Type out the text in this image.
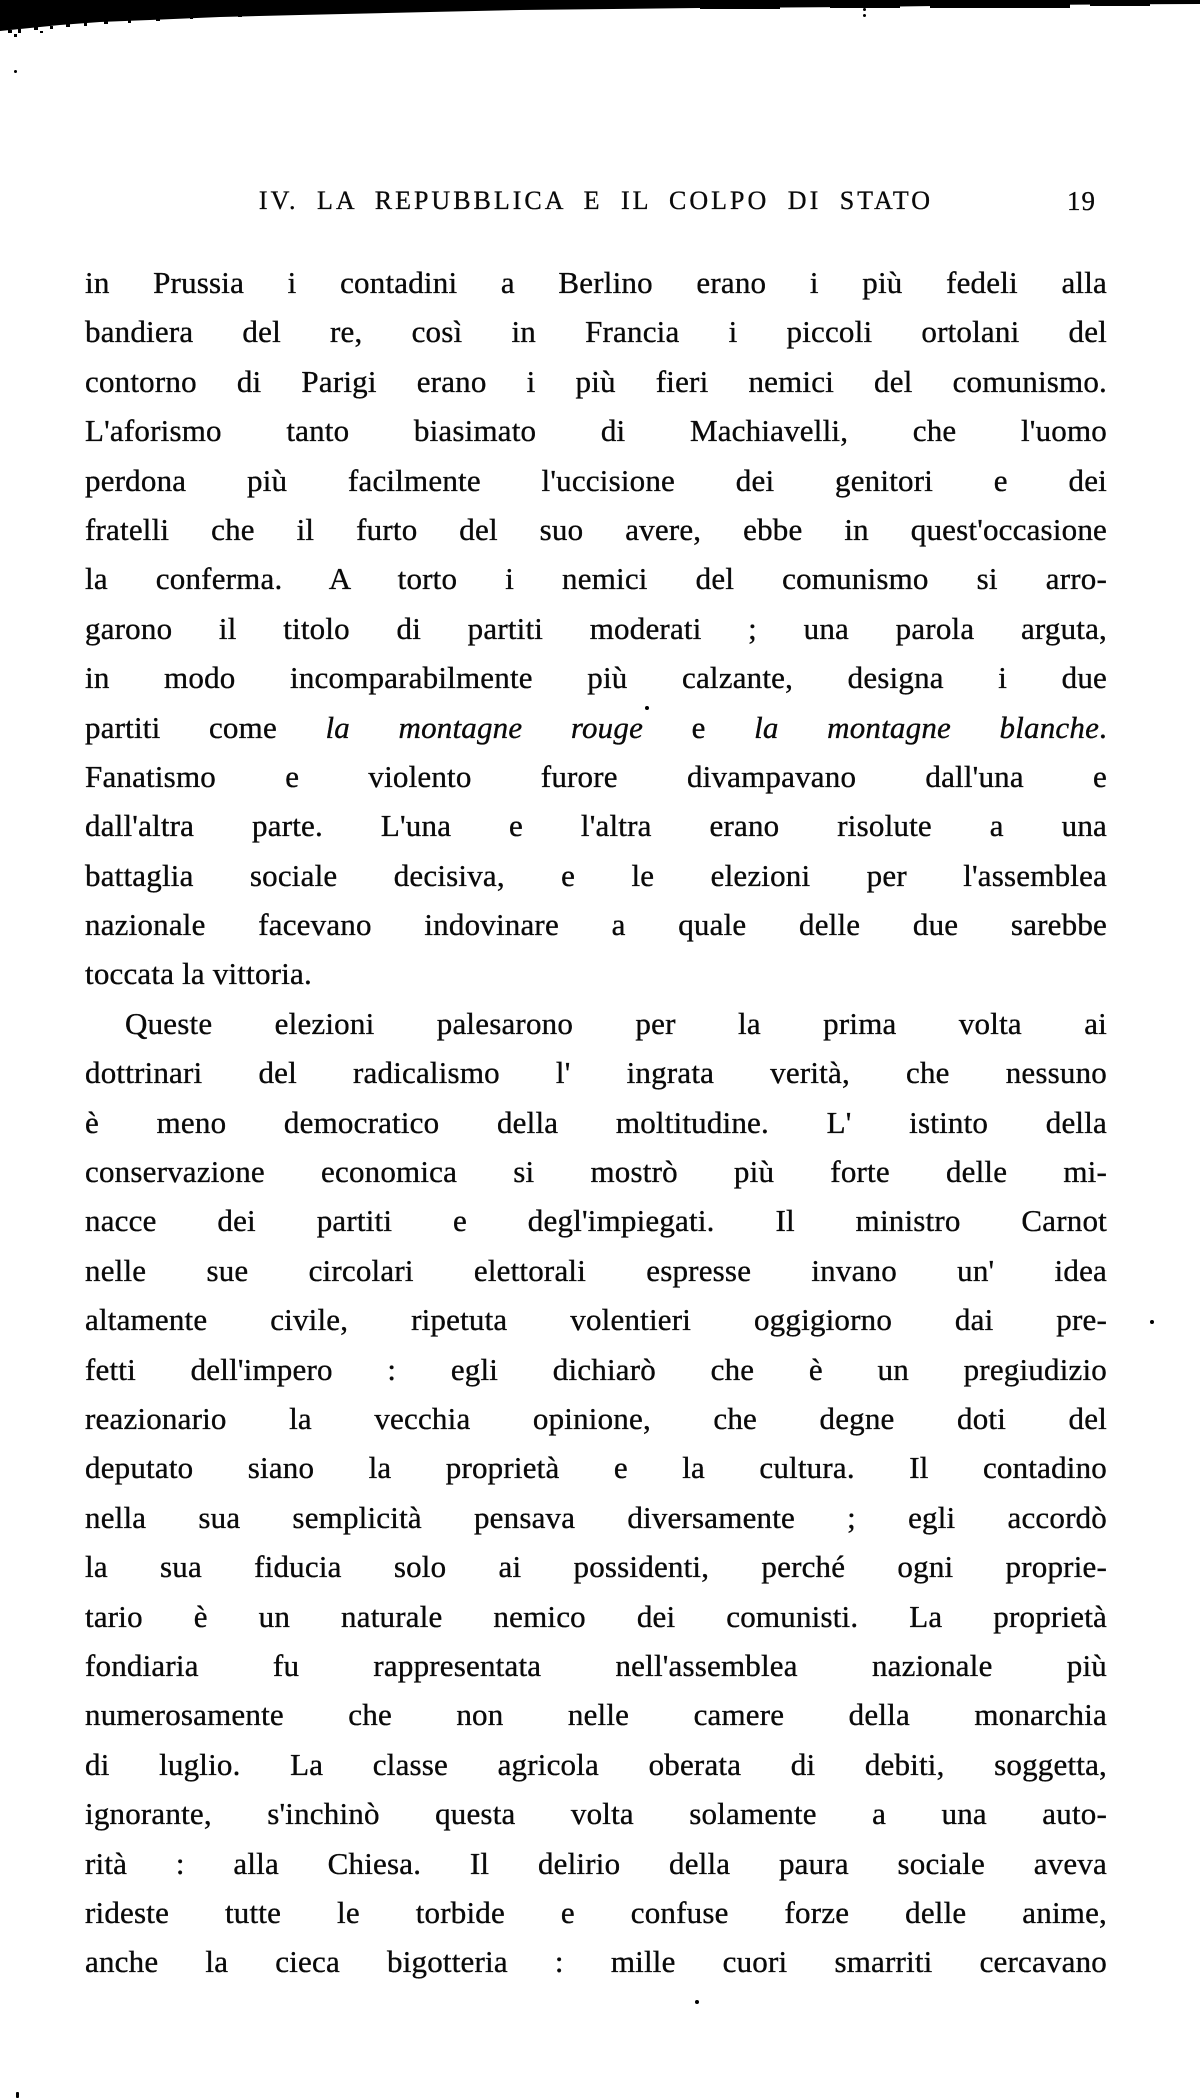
IV. LA REPUBBLICA E IL COLPO DI STATO	19
in Prussia i contadini a Berlino erano i più fedeli alla
bandiera del re, così in Francia i piccoli ortolani del
contorno di Parigi erano i più fieri nemici del comunismo.
L'aforismo tanto biasimato di Machiavelli, che l'uomo
perdona più facilmente l'uccisione dei genitori e dei
fratelli che il furto del suo avere, ebbe in quest'occasione
la conferma. A torto i nemici del comunismo si arro-
garono il titolo di partiti moderati ; una parola arguta,
in modo incomparabilmente più calzante, designa i due
partiti come la montagne rouge e la montagne blanche.
Fanatismo e violento furore divampavano dall'una e
dall'altra parte. L'una e l'altra erano risolute a una
battaglia sociale decisiva, e le elezioni per l'assemblea
nazionale facevano indovinare a quale delle due sarebbe
toccata la vittoria.
Queste elezioni palesarono per la prima volta ai
dottrinari del radicalismo l' ingrata verità, che nessuno
è meno democratico della moltitudine. L' istinto della
conservazione economica si mostrò più forte delle mi-
nacce dei partiti e degl'impiegati. Il ministro Carnot
nelle sue circolari elettorali espresse invano un' idea
altamente civile, ripetuta volentieri oggigiorno dai pre-
fetti dell'impero : egli dichiarò che è un pregiudizio
reazionario la vecchia opinione, che degne doti del
deputato siano la proprietà e la cultura. Il contadino
nella sua semplicità pensava diversamente ; egli accordò
la sua fiducia solo ai possidenti, perché ogni proprie-
tario è un naturale nemico dei comunisti. La proprietà
fondiaria fu rappresentata nell'assemblea nazionale più
numerosamente che non nelle camere della monarchia
di luglio. La classe agricola oberata di debiti, soggetta,
ignorante, s'inchinò questa volta solamente a una auto-
rità : alla Chiesa. Il delirio della paura sociale aveva
rideste tutte le torbide e confuse forze delle anime,
anche la cieca bigotteria : mille cuori smarriti cercavano
